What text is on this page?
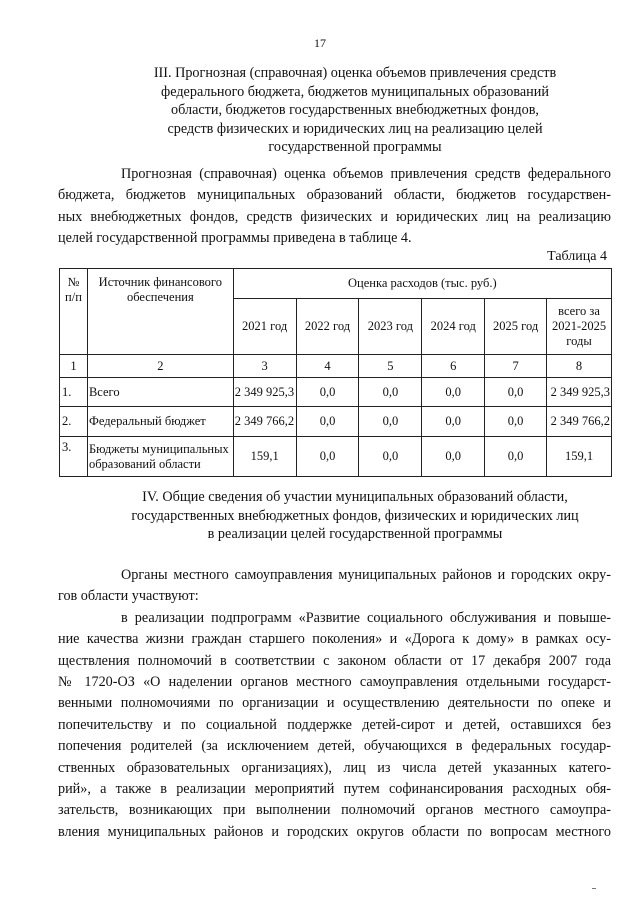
17
III. Прогнозная (справочная) оценка объемов привлечения средств
федерального бюджета, бюджетов муниципальных образований
области, бюджетов государственных внебюджетных фондов,
средств физических и юридических лиц на реализацию целей
государственной программы
Прогнозная (справочная) оценка объемов привлечения средств федерального
бюджета, бюджетов муниципальных образований области, бюджетов государствен-
ных внебюджетных фондов, средств физических и юридических лиц на реализацию
целей государственной программы приведена в таблице 4.
Таблица 4
№ п/п	Источник финансового обеспечения	Оценка расходов (тыс. руб.)					
		2021 год	2022 год	2023 год	2024 год	2025 год	всего за 2021-2025 годы
1	2	3	4	5	6	7	8
1.	Всего	2 349 925,3	0,0	0,0	0,0	0,0	2 349 925,3
2.	Федеральный бюджет	2 349 766,2	0,0	0,0	0,0	0,0	2 349 766,2
3.	Бюджеты муниципальных образований области	159,1	0,0	0,0	0,0	0,0	159,1
IV. Общие сведения об участии муниципальных образований области,
государственных внебюджетных фондов, физических и юридических лиц
в реализации целей государственной программы
Органы местного самоуправления муниципальных районов и городских окру-
гов области участвуют:
в реализации подпрограмм «Развитие социального обслуживания и повыше-
ние качества жизни граждан старшего поколения» и «Дорога к дому» в рамках осу-
ществления полномочий в соответствии с законом области от 17 декабря 2007 года
№ 1720-ОЗ «О наделении органов местного самоуправления отдельными государст-
венными полномочиями по организации и осуществлению деятельности по опеке и
попечительству и по социальной поддержке детей-сирот и детей, оставшихся без
попечения родителей (за исключением детей, обучающихся в федеральных государ-
ственных образовательных организациях), лиц из числа детей указанных катего-
рий», а также в реализации мероприятий путем софинансирования расходных обя-
зательств, возникающих при выполнении полномочий органов местного самоупра-
вления муниципальных районов и городских округов области по вопросам местного
